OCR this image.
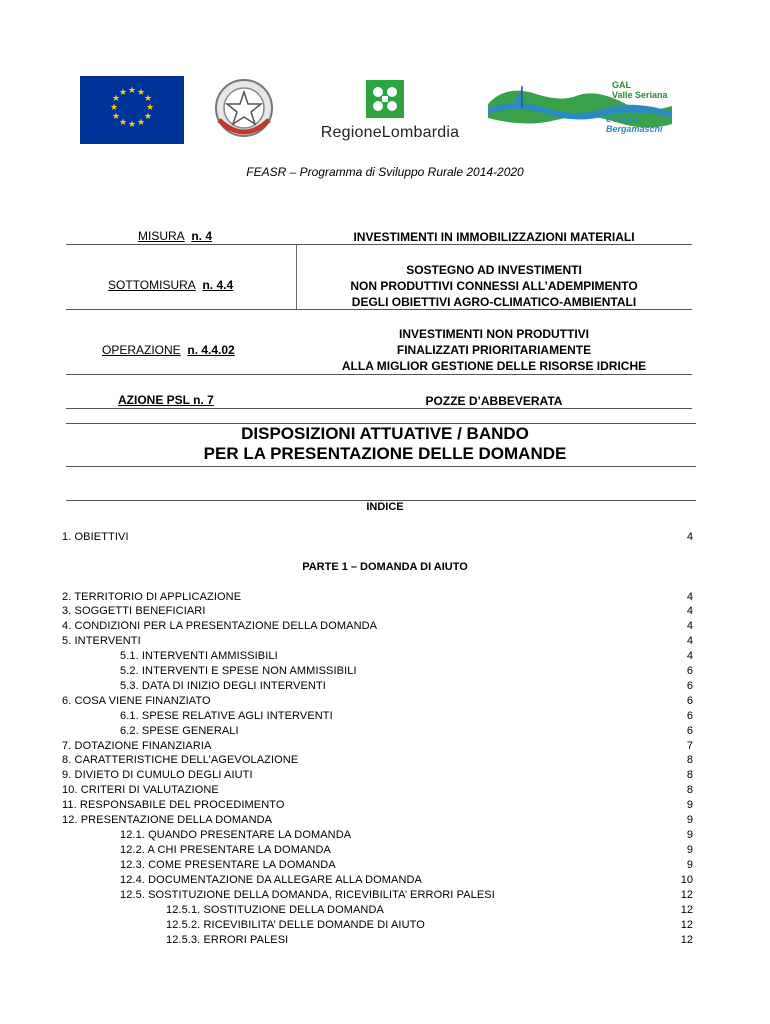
★ ★
★
★
★
★
★
★
★
★
★
★
RegioneLombardia
GAL
Valle Seriana
e Laghi Bergamaschi
FEASR – Programma di Sviluppo Rurale 2014-2020
MISURA n. 4	INVESTIMENTI IN IMMOBILIZZAZIONI MATERIALI
SOTTOMISURA n. 4.4
SOSTEGNO AD INVESTIMENTI
NON PRODUTTIVI CONNESSI ALL’ADEMPIMENTO
DEGLI OBIETTIVI AGRO-CLIMATICO-AMBIENTALI
OPERAZIONE n. 4.4.02
INVESTIMENTI NON PRODUTTIVI
FINALIZZATI PRIORITARIAMENTE
ALLA MIGLIOR GESTIONE DELLE RISORSE IDRICHE
AZIONE PSL n. 7	POZZE D’ABBEVERATA
DISPOSIZIONI ATTUATIVE / BANDO
PER LA PRESENTAZIONE DELLE DOMANDE
INDICE
1. OBIETTIVI	4
PARTE 1 – DOMANDA DI AIUTO
2. TERRITORIO DI APPLICAZIONE	4
3. SOGGETTI BENEFICIARI	4
4. CONDIZIONI PER LA PRESENTAZIONE DELLA DOMANDA	4
5. INTERVENTI	4
5.1. INTERVENTI AMMISSIBILI	4
5.2. INTERVENTI E SPESE NON AMMISSIBILI	6
5.3. DATA DI INIZIO DEGLI INTERVENTI	6
6. COSA VIENE FINANZIATO	6
6.1. SPESE RELATIVE AGLI INTERVENTI	6
6.2. SPESE GENERALI	6
7. DOTAZIONE FINANZIARIA	7
8. CARATTERISTICHE DELL’AGEVOLAZIONE	8
9. DIVIETO DI CUMULO DEGLI AIUTI	8
10. CRITERI DI VALUTAZIONE	8
11. RESPONSABILE DEL PROCEDIMENTO	9
12. PRESENTAZIONE DELLA DOMANDA	9
12.1. QUANDO PRESENTARE LA DOMANDA	9
12.2. A CHI PRESENTARE LA DOMANDA	9
12.3. COME PRESENTARE LA DOMANDA	9
12.4. DOCUMENTAZIONE DA ALLEGARE ALLA DOMANDA	10
12.5. SOSTITUZIONE DELLA DOMANDA, RICEVIBILITA’ ERRORI PALESI	12
12.5.1. SOSTITUZIONE DELLA DOMANDA	12
12.5.2. RICEVIBILITA’ DELLE DOMANDE DI AIUTO	12
12.5.3. ERRORI PALESI	12
